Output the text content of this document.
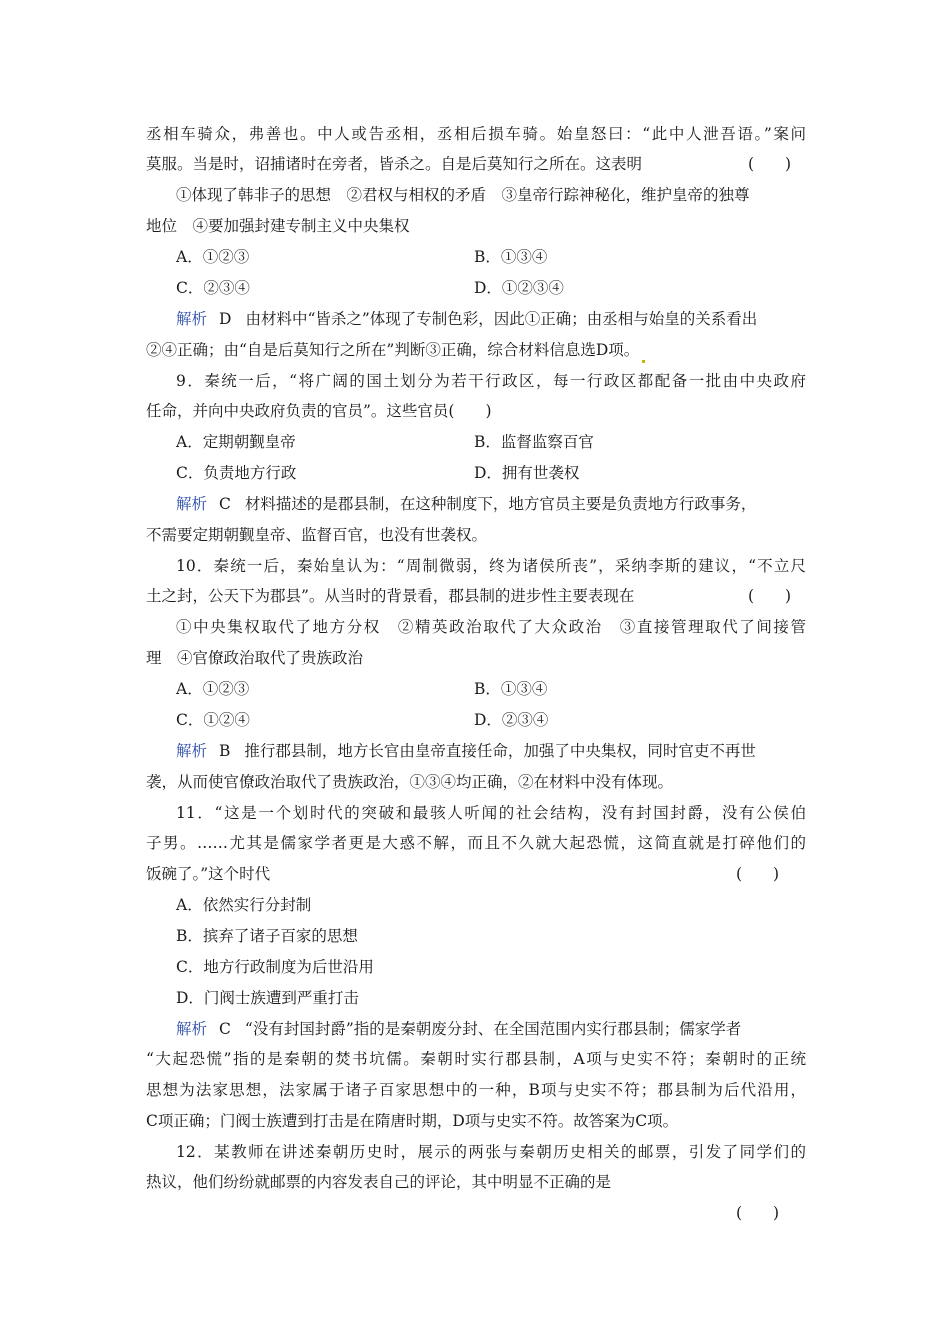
丞相车骑众，弗善也。中人或告丞相，丞相后损车骑。始皇怒曰：“此中人泄吾语。”案问
莫服。当是时，诏捕诸时在旁者，皆杀之。自是后莫知行之所在。这表明	(　　)
①体现了韩非子的思想　②君权与相权的矛盾　③皇帝行踪神秘化，维护皇帝的独尊
地位　④要加强封建专制主义中央集权
A．①②③	B．①③④
C．②③④	D．①②③④
解析 D 由材料中“皆杀之”体现了专制色彩，因此①正确；由丞相与始皇的关系看出
②④正确；由“自是后莫知行之所在”判断③正确，综合材料信息选D项。
9．秦统一后，“将广阔的国土划分为若干行政区，每一行政区都配备一批由中央政府
任命，并向中央政府负责的官员”。这些官员(　　)
A．定期朝觐皇帝	B．监督监察百官
C．负责地方行政	D．拥有世袭权
解析 C 材料描述的是郡县制，在这种制度下，地方官员主要是负责地方行政事务，
不需要定期朝觐皇帝、监督百官，也没有世袭权。
10．秦统一后，秦始皇认为：“周制微弱，终为诸侯所丧”，采纳李斯的建议，“不立尺
土之封，公天下为郡县”。从当时的背景看，郡县制的进步性主要表现在	(　　)
①中央集权取代了地方分权　②精英政治取代了大众政治　③直接管理取代了间接管
理　④官僚政治取代了贵族政治
A．①②③	B．①③④
C．①②④	D．②③④
解析 B 推行郡县制，地方长官由皇帝直接任命，加强了中央集权，同时官吏不再世
袭，从而使官僚政治取代了贵族政治，①③④均正确，②在材料中没有体现。
11．“这是一个划时代的突破和最骇人听闻的社会结构，没有封国封爵，没有公侯伯
子男。……尤其是儒家学者更是大惑不解，而且不久就大起恐慌，这简直就是打碎他们的
饭碗了。”这个时代	(　　)
A．依然实行分封制
B．摈弃了诸子百家的思想
C．地方行政制度为后世沿用
D．门阀士族遭到严重打击
解析 C “没有封国封爵”指的是秦朝废分封、在全国范围内实行郡县制；儒家学者
“大起恐慌”指的是秦朝的焚书坑儒。秦朝时实行郡县制，A项与史实不符；秦朝时的正统
思想为法家思想，法家属于诸子百家思想中的一种，B项与史实不符；郡县制为后代沿用，
C项正确；门阀士族遭到打击是在隋唐时期，D项与史实不符。故答案为C项。
12．某教师在讲述秦朝历史时，展示的两张与秦朝历史相关的邮票，引发了同学们的
热议，他们纷纷就邮票的内容发表自己的评论，其中明显不正确的是
(　　)
